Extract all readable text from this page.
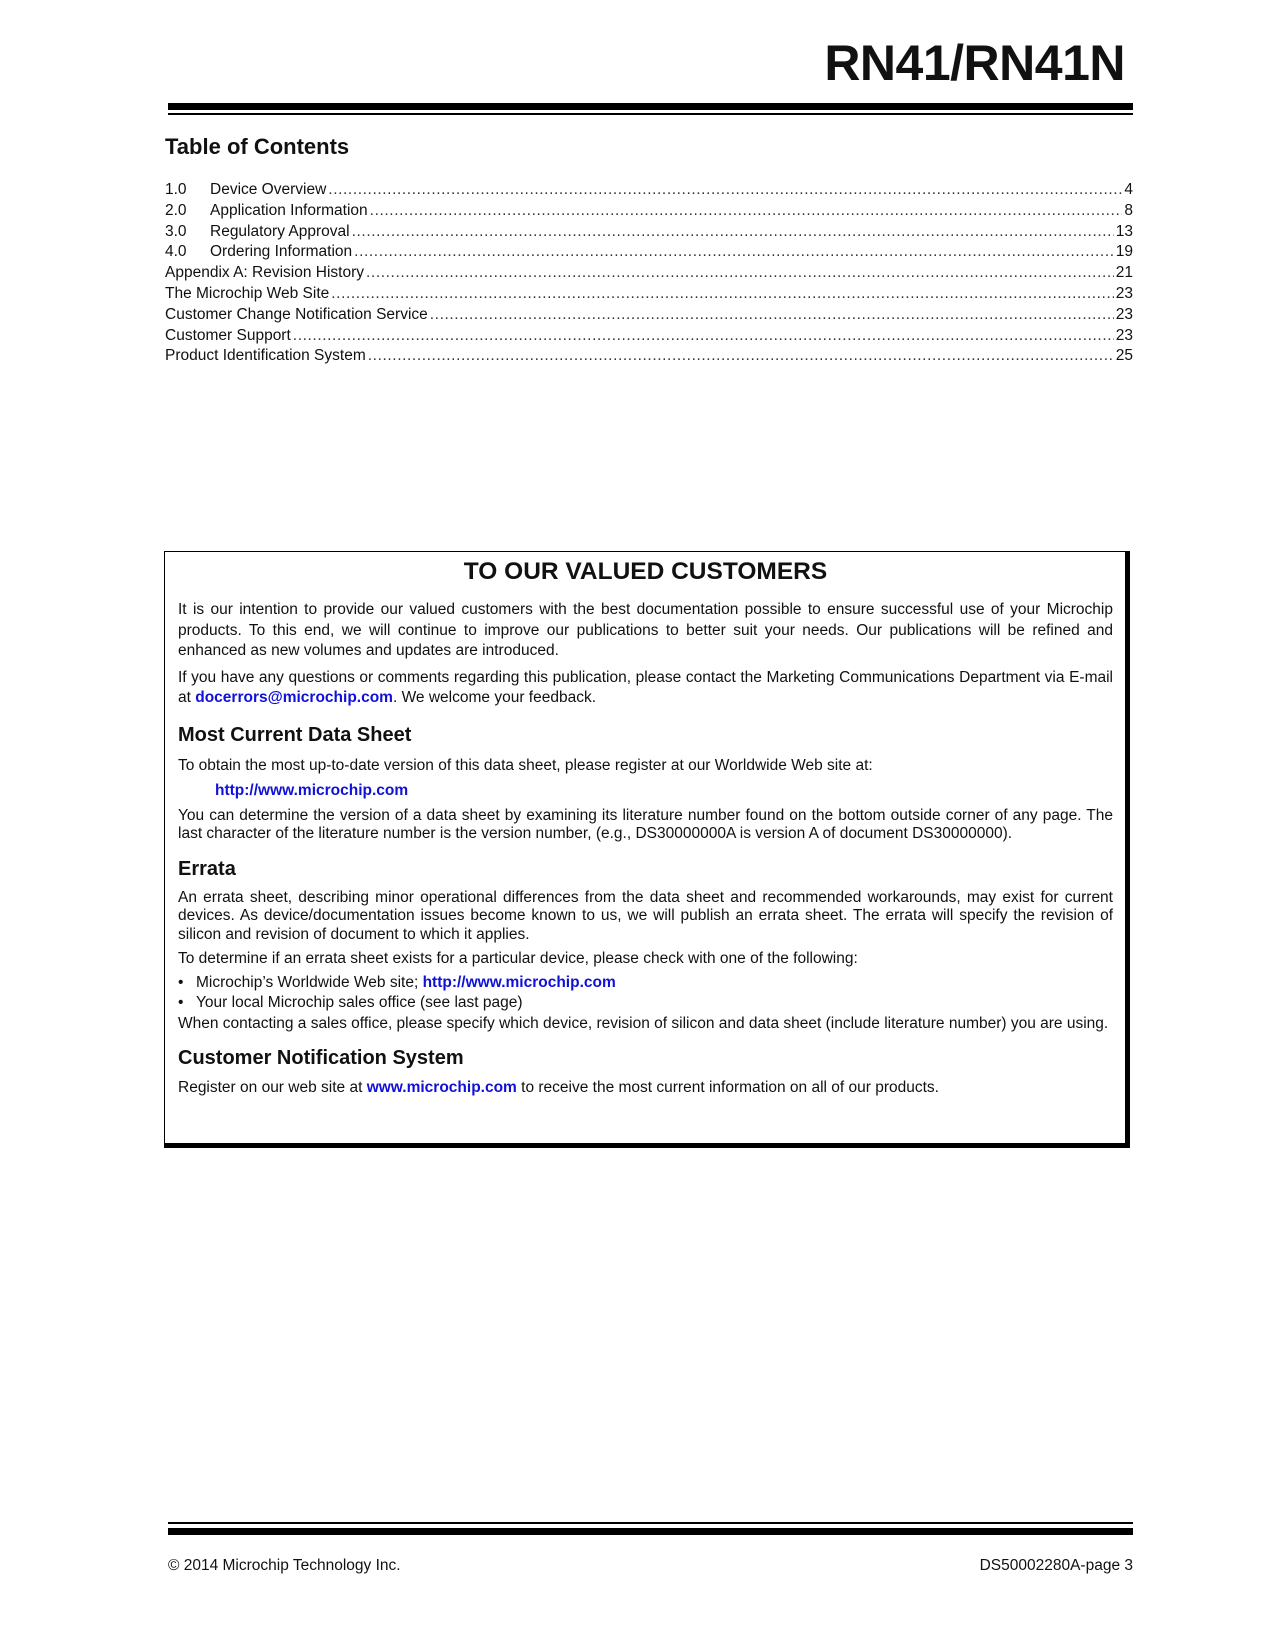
RN41/RN41N
Table of Contents
1.0	Device Overview .....	4
2.0	Application Information .....	8
3.0	Regulatory Approval .....	13
4.0	Ordering Information .....	19
Appendix A: Revision History .....	21
The Microchip Web Site .....	23
Customer Change Notification Service .....	23
Customer Support .....	23
Product Identification System .....	25
TO OUR VALUED CUSTOMERS

It is our intention to provide our valued customers with the best documentation possible to ensure successful use of your Microchip products. To this end, we will continue to improve our publications to better suit your needs. Our publications will be refined and enhanced as new volumes and updates are introduced.

If you have any questions or comments regarding this publication, please contact the Marketing Communications Department via E-mail at docerrors@microchip.com. We welcome your feedback.

Most Current Data Sheet

To obtain the most up-to-date version of this data sheet, please register at our Worldwide Web site at:

http://www.microchip.com

You can determine the version of a data sheet by examining its literature number found on the bottom outside corner of any page. The last character of the literature number is the version number, (e.g., DS30000000A is version A of document DS30000000).

Errata

An errata sheet, describing minor operational differences from the data sheet and recommended workarounds, may exist for current devices. As device/documentation issues become known to us, we will publish an errata sheet. The errata will specify the revision of silicon and revision of document to which it applies.

To determine if an errata sheet exists for a particular device, please check with one of the following:

• Microchip’s Worldwide Web site; http://www.microchip.com
• Your local Microchip sales office (see last page)

When contacting a sales office, please specify which device, revision of silicon and data sheet (include literature number) you are using.

Customer Notification System

Register on our web site at www.microchip.com to receive the most current information on all of our products.

© 2014 Microchip Technology Inc.	DS50002280A-page 3
